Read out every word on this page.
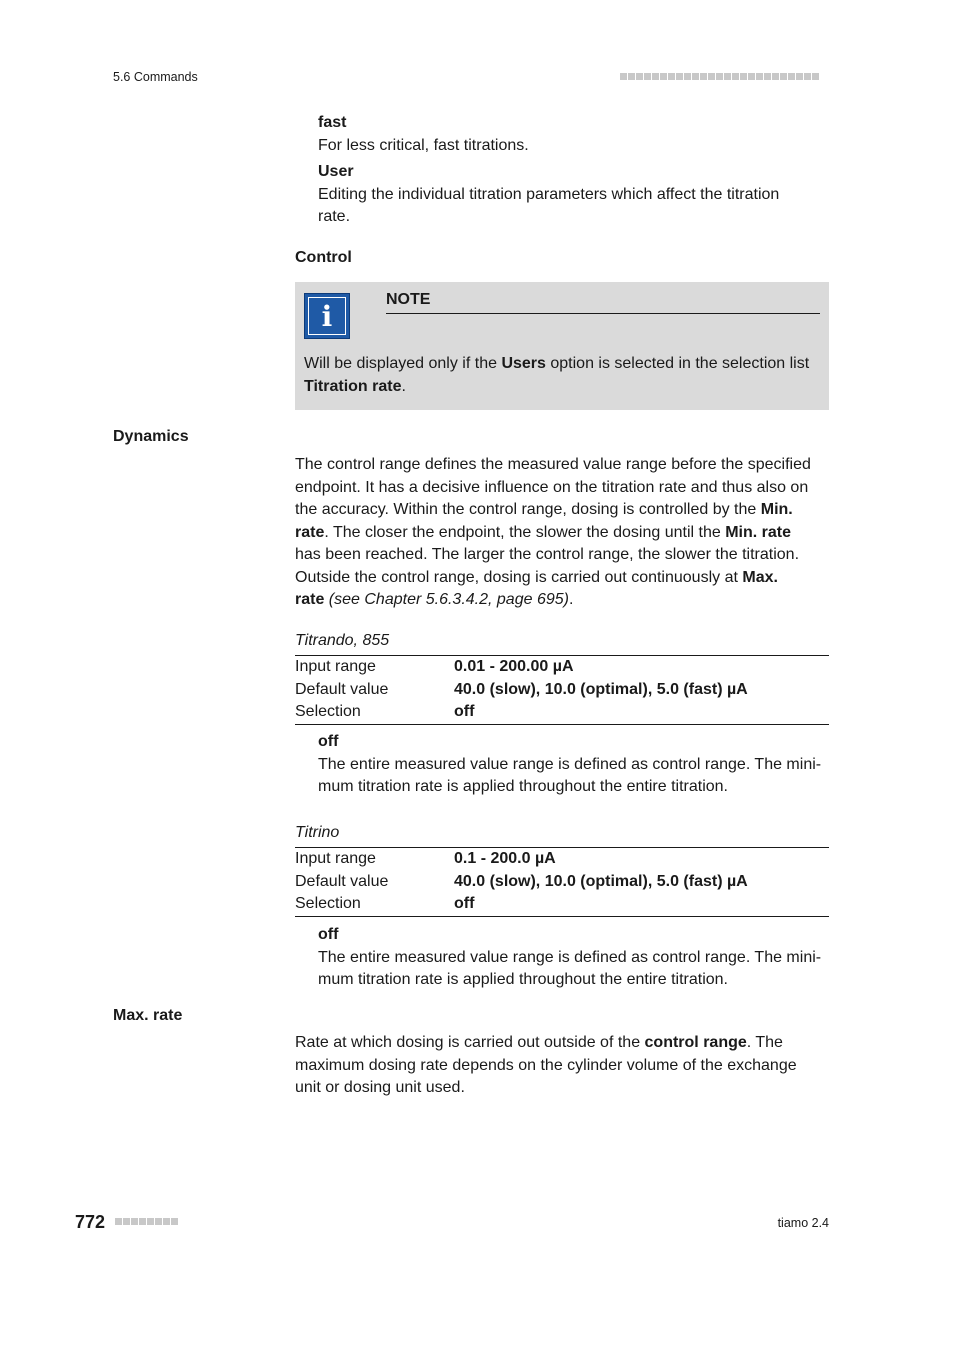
5.6 Commands
fast
For less critical, fast titrations.
User
Editing the individual titration parameters which affect the titration
rate.
Control
i
NOTE
Will be displayed only if the Users option is selected in the selection list
Titration rate.
Dynamics
The control range defines the measured value range before the specified
endpoint. It has a decisive influence on the titration rate and thus also on
the accuracy. Within the control range, dosing is controlled by the Min.
rate. The closer the endpoint, the slower the dosing until the Min. rate
has been reached. The larger the control range, the slower the titration.
Outside the control range, dosing is carried out continuously at Max.
rate (see Chapter 5.6.3.4.2, page 695).
Titrando, 855
Input range	0.01 - 200.00 µA
Default value	40.0 (slow), 10.0 (optimal), 5.0 (fast) µA
Selection	off
off
The entire measured value range is defined as control range. The mini-
mum titration rate is applied throughout the entire titration.
Titrino
Input range	0.1 - 200.0 µA
Default value	40.0 (slow), 10.0 (optimal), 5.0 (fast) µA
Selection	off
off
The entire measured value range is defined as control range. The mini-
mum titration rate is applied throughout the entire titration.
Max. rate
Rate at which dosing is carried out outside of the control range. The
maximum dosing rate depends on the cylinder volume of the exchange
unit or dosing unit used.
772	tiamo 2.4
